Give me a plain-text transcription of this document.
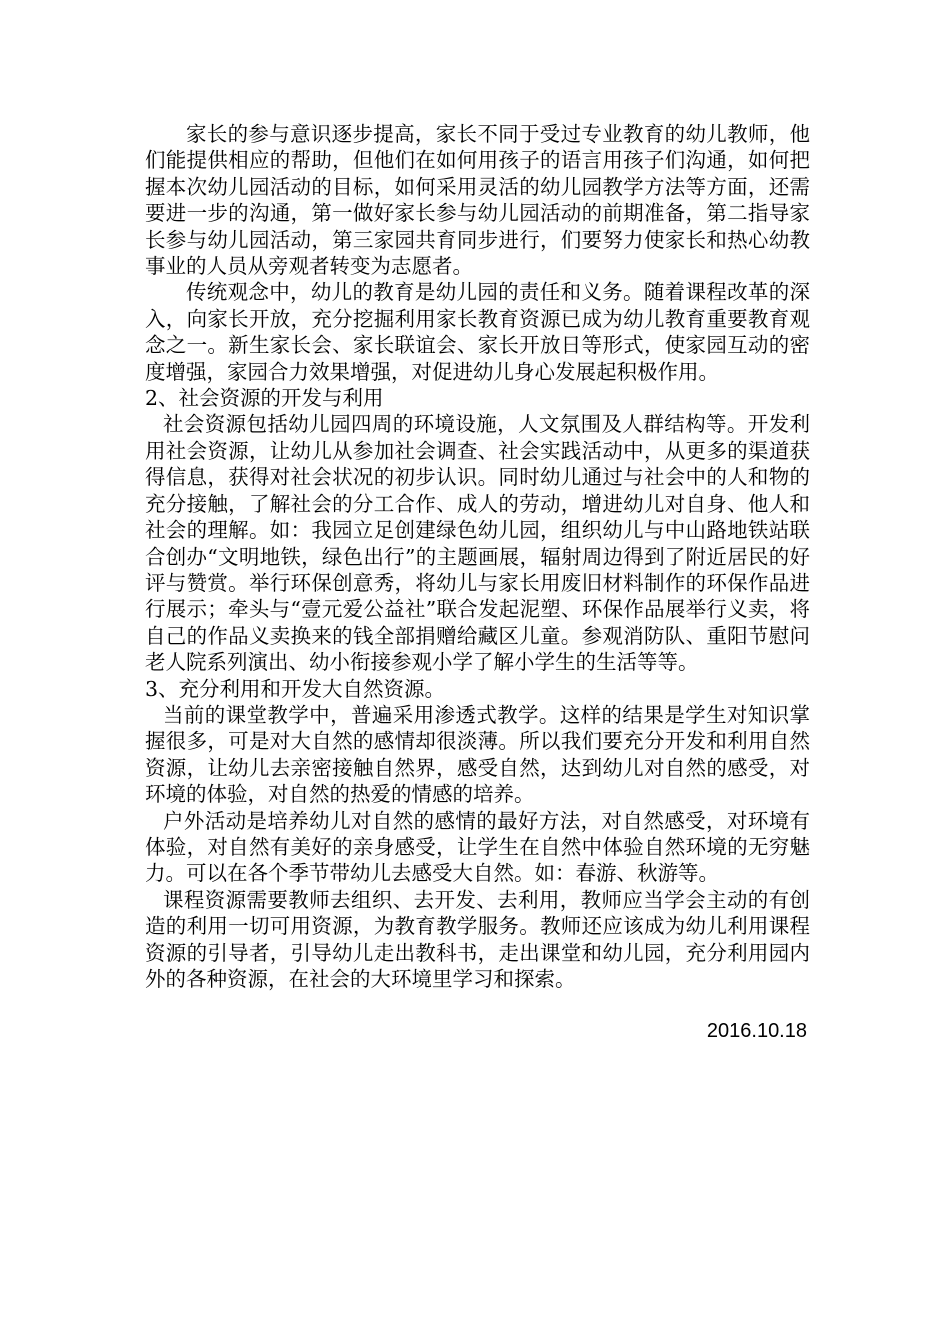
家长的参与意识逐步提高，家长不同于受过专业教育的幼儿教师，他们能提供相应的帮助，但他们在如何用孩子的语言用孩子们沟通，如何把握本次幼儿园活动的目标，如何采用灵活的幼儿园教学方法等方面，还需要进一步的沟通，第一做好家长参与幼儿园活动的前期准备，第二指导家长参与幼儿园活动，第三家园共育同步进行，们要努力使家长和热心幼教事业的人员从旁观者转变为志愿者。

传统观念中，幼儿的教育是幼儿园的责任和义务。随着课程改革的深入，向家长开放，充分挖掘利用家长教育资源已成为幼儿教育重要教育观念之一。新生家长会、家长联谊会、家长开放日等形式，使家园互动的密度增强，家园合力效果增强，对促进幼儿身心发展起积极作用。

2、社会资源的开发与利用

社会资源包括幼儿园四周的环境设施，人文氛围及人群结构等。开发利用社会资源，让幼儿从参加社会调查、社会实践活动中，从更多的渠道获得信息，获得对社会状况的初步认识。同时幼儿通过与社会中的人和物的充分接触，了解社会的分工合作、成人的劳动，增进幼儿对自身、他人和社会的理解。如：我园立足创建绿色幼儿园，组织幼儿与中山路地铁站联合创办“文明地铁，绿色出行”的主题画展，辐射周边得到了附近居民的好评与赞赏。举行环保创意秀，将幼儿与家长用废旧材料制作的环保作品进行展示；牵头与“壹元爱公益社”联合发起泥塑、环保作品展举行义卖，将自己的作品义卖换来的钱全部捐赠给藏区儿童。参观消防队、重阳节慰问老人院系列演出、幼小衔接参观小学了解小学生的生活等等。

3、充分利用和开发大自然资源。

当前的课堂教学中，普遍采用渗透式教学。这样的结果是学生对知识掌握很多，可是对大自然的感情却很淡薄。所以我们要充分开发和利用自然资源，让幼儿去亲密接触自然界，感受自然，达到幼儿对自然的感受，对环境的体验，对自然的热爱的情感的培养。

户外活动是培养幼儿对自然的感情的最好方法，对自然感受，对环境有体验，对自然有美好的亲身感受，让学生在自然中体验自然环境的无穷魅力。可以在各个季节带幼儿去感受大自然。如：春游、秋游等。

课程资源需要教师去组织、去开发、去利用，教师应当学会主动的有创造的利用一切可用资源，为教育教学服务。教师还应该成为幼儿利用课程资源的引导者，引导幼儿走出教科书，走出课堂和幼儿园，充分利用园内外的各种资源，在社会的大环境里学习和探索。

2016.10.18
